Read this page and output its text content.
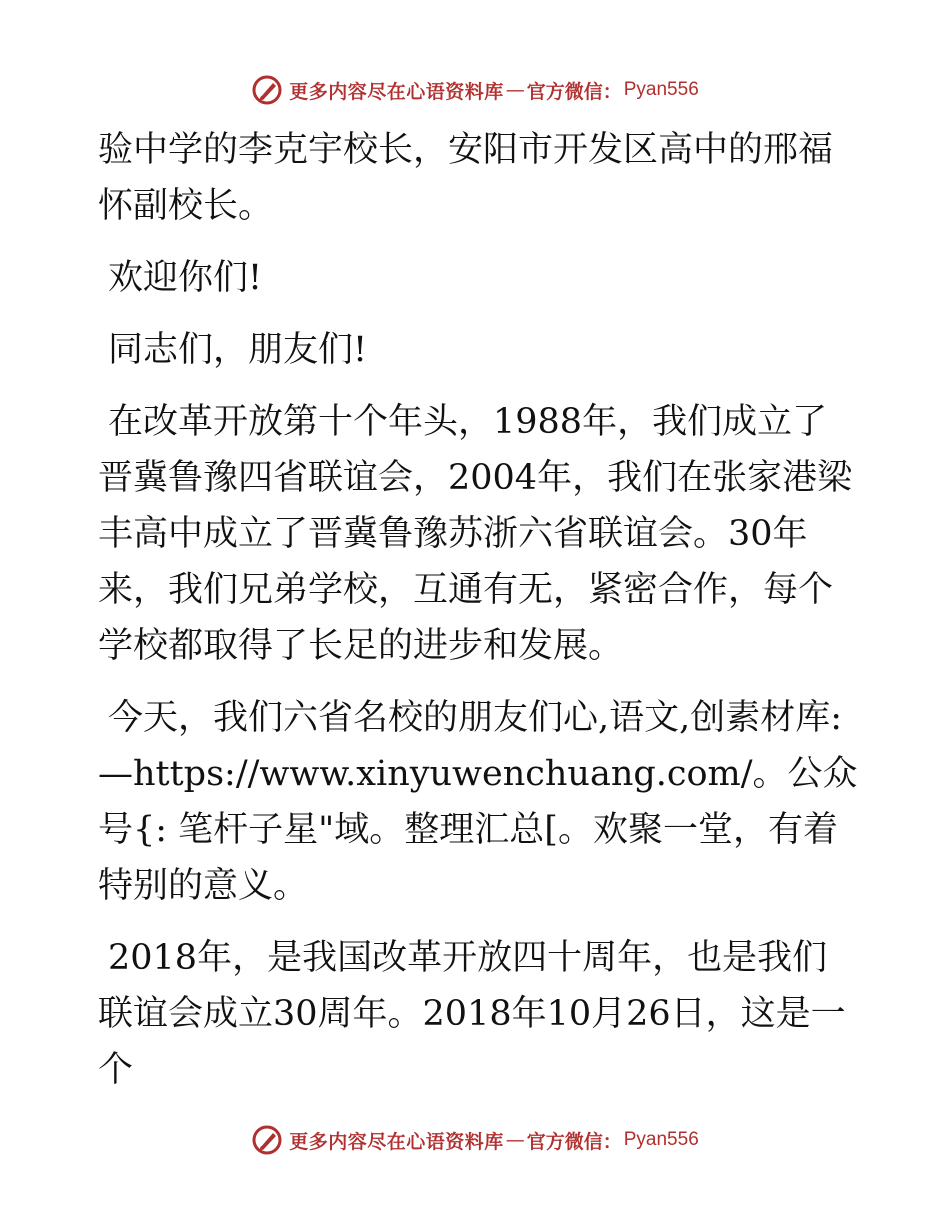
更多内容尽在心语资料库 — 官方微信： Pyan556

验中学的李克宇校长，安阳市开发区高中的邢福怀副校长。

欢迎你们!

同志们，朋友们!

在改革开放第十个年头，1988年，我们成立了晋冀鲁豫四省联谊会，2004年，我们在张家港梁丰高中成立了晋冀鲁豫苏浙六省联谊会。30年来，我们兄弟学校，互通有无，紧密合作，每个学校都取得了长足的进步和发展。

今天，我们六省名校的朋友们心,语文,创素材库: —https://www.xinyuwenchuang.com/。公众号{: 笔杆子星"域。整理汇总[。欢聚一堂，有着特别的意义。

2018年，是我国改革开放四十周年，也是我们联谊会成立30周年。2018年10月26日，这是一个

更多内容尽在心语资料库 — 官方微信： Pyan556
